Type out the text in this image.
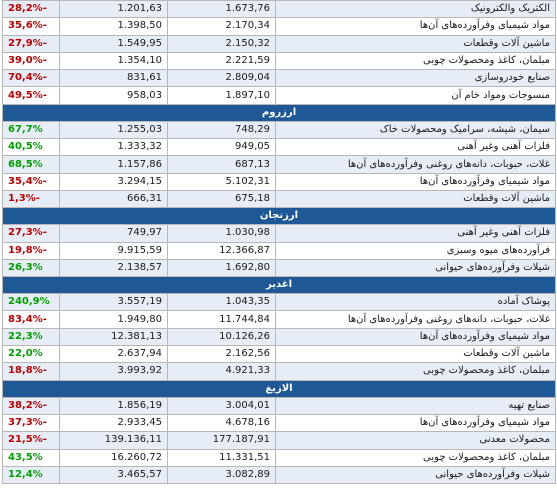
28,2%-	1.201,63	1.673,76	الکتریک والکترونیک
35,6%-	1.398,50	2.170,34	مواد شیمیای وفرآورده‌های آن‌ها
27,9%-	1.549,95	2.150,32	ماشین آلات وقطعات
39,0%-	1.354,10	2.221,59	مبلمان، کاغذ ومحصولات چوبی
70,4%-	831,61	2.809,04	صنایع خودروسازی
49,5%-	958,03	1.897,10	منسوجات ومواد خام آن
ارزروم			
67,7%	1.255,03	748,29	سیمان، شیشه، سرامیک ومحصولات خاک
40,5%	1.333,32	949,05	فلزات آهنی وغیر آهنی
68,5%	1.157,86	687,13	غلات، حبوبات، دانه‌های روغنی وفرآورده‌های آن‌ها
35,4%-	3.294,15	5.102,31	مواد شیمیای وفرآورده‌های آن‌ها
1,3%-	666,31	675,18	ماشین آلات وقطعات
ارزنجان			
27,3%-	749,97	1.030,98	فلزات آهنی وغیر آهنی
19,8%-	9.915,59	12.366,87	فرآورده‌های میوه وسبزی
26,3%	2.138,57	1.692,80	شیلات وفرآورده‌های حیوانی
اغدیر			
240,9%	3.557,19	1.043,35	پوشاک آماده
83,4%-	1.949,80	11.744,84	غلات، حبوبات، دانه‌های روغنی وفرآورده‌های آن‌ها
22,3%	12.381,13	10.126,26	مواد شیمیای وفرآورده‌های آن‌ها
22,0%	2.637,94	2.162,56	ماشین آلات وقطعات
18,8%-	3.993,92	4.921,33	مبلمان، کاغذ ومحصولات چوبی
الازیغ			
38,2%-	1.856,19	3.004,01	صنایع تهیه
37,3%-	2.933,45	4.678,16	مواد شیمیای وفرآورده‌های آن‌ها
21,5%-	139.136,11	177.187,91	محصولات معدنی
43,5%	16.260,72	11.331,51	مبلمان، کاغذ ومحصولات چوبی
12,4%	3.465,57	3.082,89	شیلات وفرآورده‌های حیوانی
